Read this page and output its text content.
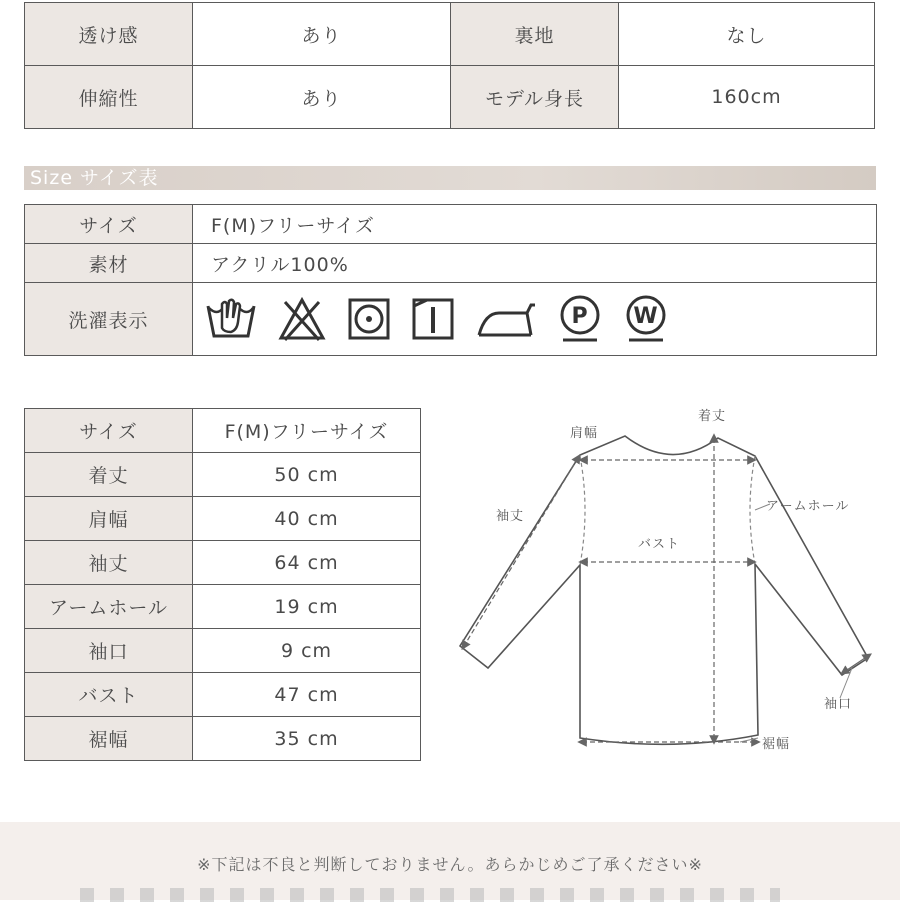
透け感	あり	裏地	なし
伸縮性	あり	モデル身長	160cm
Size サイズ表
サイズ	F(M)フリーサイズ
素材	アクリル100%
洗濯表示	P W
サイズ	F(M)フリーサイズ
着丈	50 cm
肩幅	40 cm
袖丈	64 cm
アームホール	19 cm
袖口	9 cm
バスト	47 cm
裾幅	35 cm
着丈
肩幅
袖丈
アームホール
バスト
袖口
裾幅
※下記は不良と判断しておりません。あらかじめご了承ください※
